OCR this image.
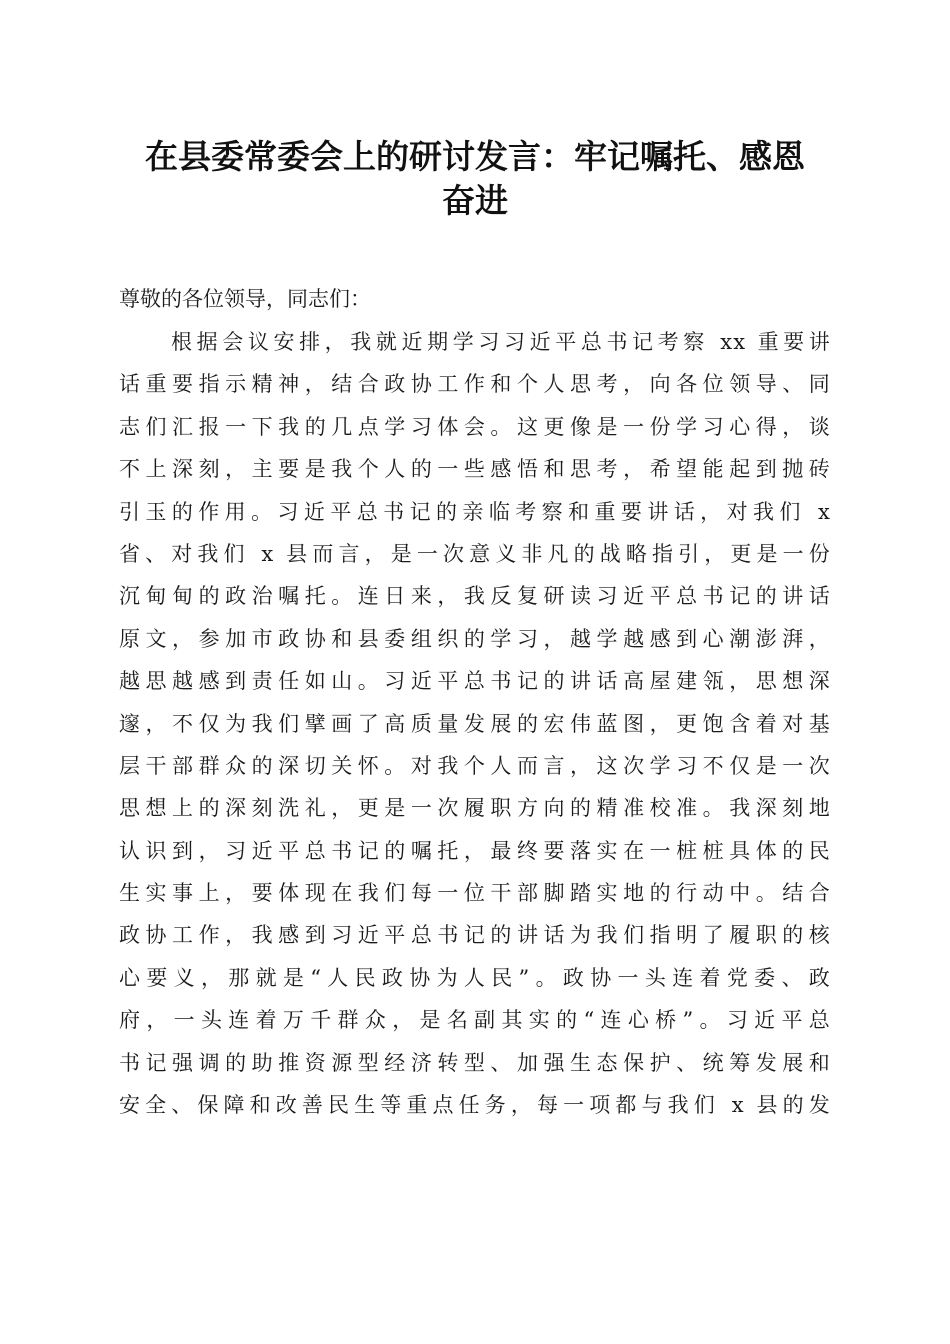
在县委常委会上的研讨发言：牢记嘱托、感恩
奋进

尊敬的各位领导，同志们：

根据会议安排，我就近期学习习近平总书记考察 xx 重要讲
话重要指示精神，结合政协工作和个人思考，向各位领导、同
志们汇报一下我的几点学习体会。这更像是一份学习心得，谈
不上深刻，主要是我个人的一些感悟和思考，希望能起到抛砖
引玉的作用。习近平总书记的亲临考察和重要讲话，对我们 x
省、对我们 x 县而言，是一次意义非凡的战略指引，更是一份
沉甸甸的政治嘱托。连日来，我反复研读习近平总书记的讲话
原文，参加市政协和县委组织的学习，越学越感到心潮澎湃，
越思越感到责任如山。习近平总书记的讲话高屋建瓴，思想深
邃，不仅为我们擘画了高质量发展的宏伟蓝图，更饱含着对基
层干部群众的深切关怀。对我个人而言，这次学习不仅是一次
思想上的深刻洗礼，更是一次履职方向的精准校准。我深刻地
认识到，习近平总书记的嘱托，最终要落实在一桩桩具体的民
生实事上，要体现在我们每一位干部脚踏实地的行动中。结合
政协工作，我感到习近平总书记的讲话为我们指明了履职的核
心要义，那就是“人民政协为人民”。政协一头连着党委、政
府，一头连着万千群众，是名副其实的“连心桥”。习近平总
书记强调的助推资源型经济转型、加强生态保护、统筹发展和
安全、保障和改善民生等重点任务，每一项都与我们 x 县的发
